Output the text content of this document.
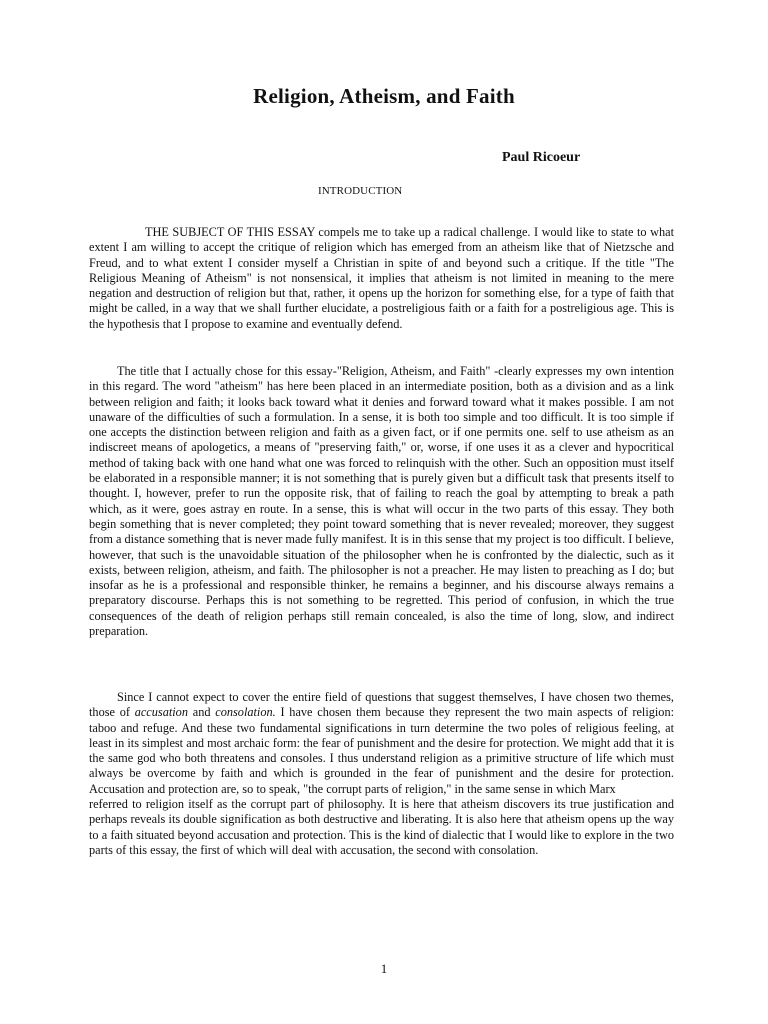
Religion, Atheism, and Faith

Paul Ricoeur

INTRODUCTION

THE SUBJECT OF THIS ESSAY compels me to take up a radical challenge. I would like to state to what extent I am willing to accept the critique of religion which has emerged from an atheism like that of Nietzsche and Freud, and to what extent I consider myself a Christian in spite of and beyond such a critique. If the title "The Religious Meaning of Atheism" is not nonsensical, it implies that atheism is not limited in meaning to the mere negation and destruction of religion but that, rather, it opens up the horizon for something else, for a type of faith that might be called, in a way that we shall further elucidate, a postreligious faith or a faith for a postreligious age. This is the hypothesis that I propose to examine and eventually defend.

The title that I actually chose for this essay-"Religion, Atheism, and Faith" -clearly expresses my own intention in this regard. The word "atheism" has here been placed in an intermediate position, both as a division and as a link between religion and faith; it looks back toward what it denies and forward toward what it makes possible. I am not unaware of the difficulties of such a formulation. In a sense, it is both too simple and too difficult. It is too simple if one accepts the distinction between religion and faith as a given fact, or if one permits one. self to use atheism as an indiscreet means of apologetics, a means of "preserving faith," or, worse, if one uses it as a clever and hypocritical method of taking back with one hand what one was forced to relinquish with the other. Such an opposition must itself be elaborated in a responsible manner; it is not something that is purely given but a difficult task that presents itself to thought. I, however, prefer to run the opposite risk, that of failing to reach the goal by attempting to break a path which, as it were, goes astray en route. In a sense, this is what will occur in the two parts of this essay. They both begin something that is never completed; they point toward something that is never revealed; moreover, they suggest from a distance something that is never made fully manifest. It is in this sense that my project is too difficult. I believe, however, that such is the unavoidable situation of the philosopher when he is confronted by the dialectic, such as it exists, between religion, atheism, and faith. The philosopher is not a preacher. He may listen to preaching as I do; but insofar as he is a professional and responsible thinker, he remains a beginner, and his discourse always remains a preparatory discourse. Perhaps this is not something to be regretted. This period of confusion, in which the true consequences of the death of religion perhaps still remain concealed, is also the time of long, slow, and indirect preparation.

Since I cannot expect to cover the entire field of questions that suggest themselves, I have chosen two themes, those of accusation and consolation. I have chosen them because they represent the two main aspects of religion: taboo and refuge. And these two fundamental significations in turn determine the two poles of religious feeling, at least in its simplest and most archaic form: the fear of punishment and the desire for protection. We might add that it is the same god who both threatens and consoles. I thus understand religion as a primitive structure of life which must always be overcome by faith and which is grounded in the fear of punishment and the desire for protection. Accusation and protection are, so to speak, "the corrupt parts of religion," in the same sense in which Marx
referred to religion itself as the corrupt part of philosophy. It is here that atheism discovers its true justification and perhaps reveals its double signification as both destructive and liberating. It is also here that atheism opens up the way to a faith situated beyond accusation and protection. This is the kind of dialectic that I would like to explore in the two parts of this essay, the first of which will deal with accusation, the second with consolation.

1
